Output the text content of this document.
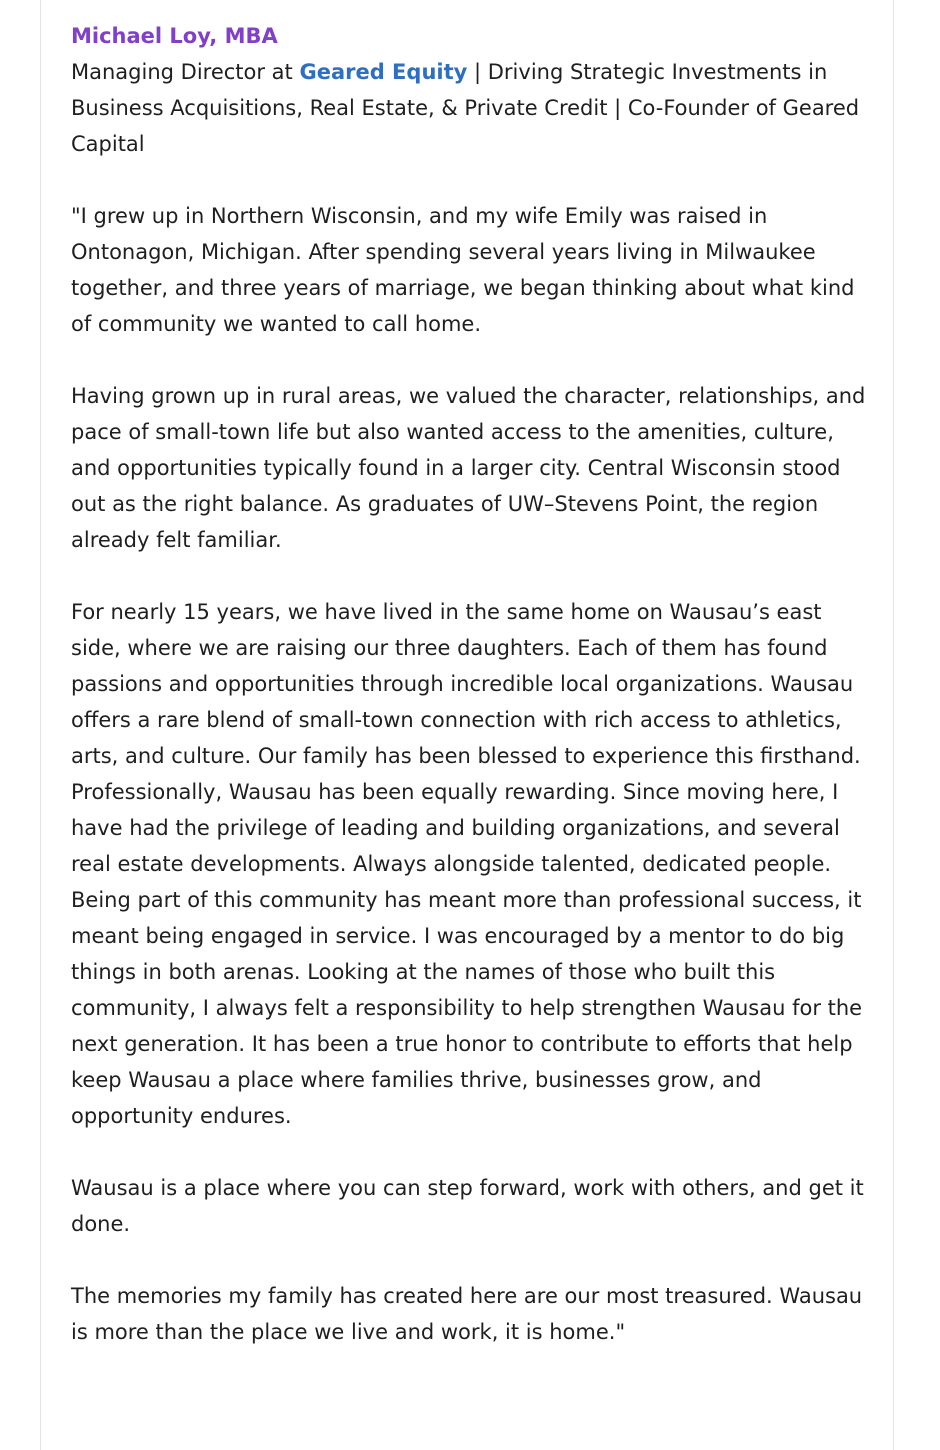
Michael Loy, MBA

Managing Director at Geared Equity | Driving Strategic Investments in Business Acquisitions, Real Estate, & Private Credit | Co-Founder of Geared Capital

"I grew up in Northern Wisconsin, and my wife Emily was raised in Ontonagon, Michigan. After spending several years living in Milwaukee together, and three years of marriage, we began thinking about what kind of community we wanted to call home.

Having grown up in rural areas, we valued the character, relationships, and pace of small-town life but also wanted access to the amenities, culture, and opportunities typically found in a larger city. Central Wisconsin stood out as the right balance. As graduates of UW–Stevens Point, the region already felt familiar.

For nearly 15 years, we have lived in the same home on Wausau’s east side, where we are raising our three daughters. Each of them has found passions and opportunities through incredible local organizations. Wausau offers a rare blend of small-town connection with rich access to athletics, arts, and culture. Our family has been blessed to experience this firsthand.

Professionally, Wausau has been equally rewarding. Since moving here, I have had the privilege of leading and building organizations, and several real estate developments. Always alongside talented, dedicated people. Being part of this community has meant more than professional success, it meant being engaged in service. I was encouraged by a mentor to do big things in both arenas. Looking at the names of those who built this community, I always felt a responsibility to help strengthen Wausau for the next generation. It has been a true honor to contribute to efforts that help keep Wausau a place where families thrive, businesses grow, and opportunity endures.

Wausau is a place where you can step forward, work with others, and get it done.

The memories my family has created here are our most treasured. Wausau is more than the place we live and work, it is home."
